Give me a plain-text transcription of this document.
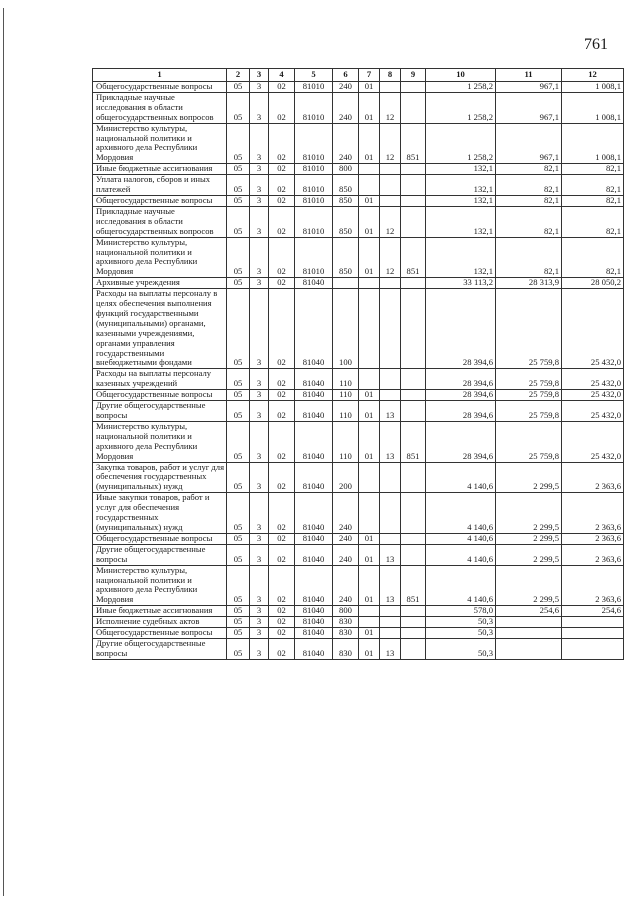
761
1	2	3	4	5	6	7	8	9	10	11	12
Общегосударственные вопросы	05	3	02	81010	240	01			1 258,2	967,1	1 008,1
Прикладные научные исследования в области общегосударственных вопросов	05	3	02	81010	240	01	12		1 258,2	967,1	1 008,1
Министерство культуры, национальной политики и архивного дела Республики Мордовия	05	3	02	81010	240	01	12	851	1 258,2	967,1	1 008,1
Иные бюджетные ассигнования	05	3	02	81010	800				132,1	82,1	82,1
Уплата налогов, сборов и иных платежей	05	3	02	81010	850				132,1	82,1	82,1
Общегосударственные вопросы	05	3	02	81010	850	01			132,1	82,1	82,1
Прикладные научные исследования в области общегосударственных вопросов	05	3	02	81010	850	01	12		132,1	82,1	82,1
Министерство культуры, национальной политики и архивного дела Республики Мордовия	05	3	02	81010	850	01	12	851	132,1	82,1	82,1
Архивные учреждения	05	3	02	81040					33 113,2	28 313,9	28 050,2
Расходы на выплаты персоналу в целях обеспечения выполнения функций государственными (муниципальными) органами, казенными учреждениями, органами управления государственными внебюджетными фондами	05	3	02	81040	100				28 394,6	25 759,8	25 432,0
Расходы на выплаты персоналу казенных учреждений	05	3	02	81040	110				28 394,6	25 759,8	25 432,0
Общегосударственные вопросы	05	3	02	81040	110	01			28 394,6	25 759,8	25 432,0
Другие общегосударственные вопросы	05	3	02	81040	110	01	13		28 394,6	25 759,8	25 432,0
Министерство культуры, национальной политики и архивного дела Республики Мордовия	05	3	02	81040	110	01	13	851	28 394,6	25 759,8	25 432,0
Закупка товаров, работ и услуг для обеспечения государственных (муниципальных) нужд	05	3	02	81040	200				4 140,6	2 299,5	2 363,6
Иные закупки товаров, работ и услуг для обеспечения государственных (муниципальных) нужд	05	3	02	81040	240				4 140,6	2 299,5	2 363,6
Общегосударственные вопросы	05	3	02	81040	240	01			4 140,6	2 299,5	2 363,6
Другие общегосударственные вопросы	05	3	02	81040	240	01	13		4 140,6	2 299,5	2 363,6
Министерство культуры, национальной политики и архивного дела Республики Мордовия	05	3	02	81040	240	01	13	851	4 140,6	2 299,5	2 363,6
Иные бюджетные ассигнования	05	3	02	81040	800				578,0	254,6	254,6
Исполнение судебных актов	05	3	02	81040	830				50,3		
Общегосударственные вопросы	05	3	02	81040	830	01			50,3		
Другие общегосударственные вопросы	05	3	02	81040	830	01	13		50,3		
